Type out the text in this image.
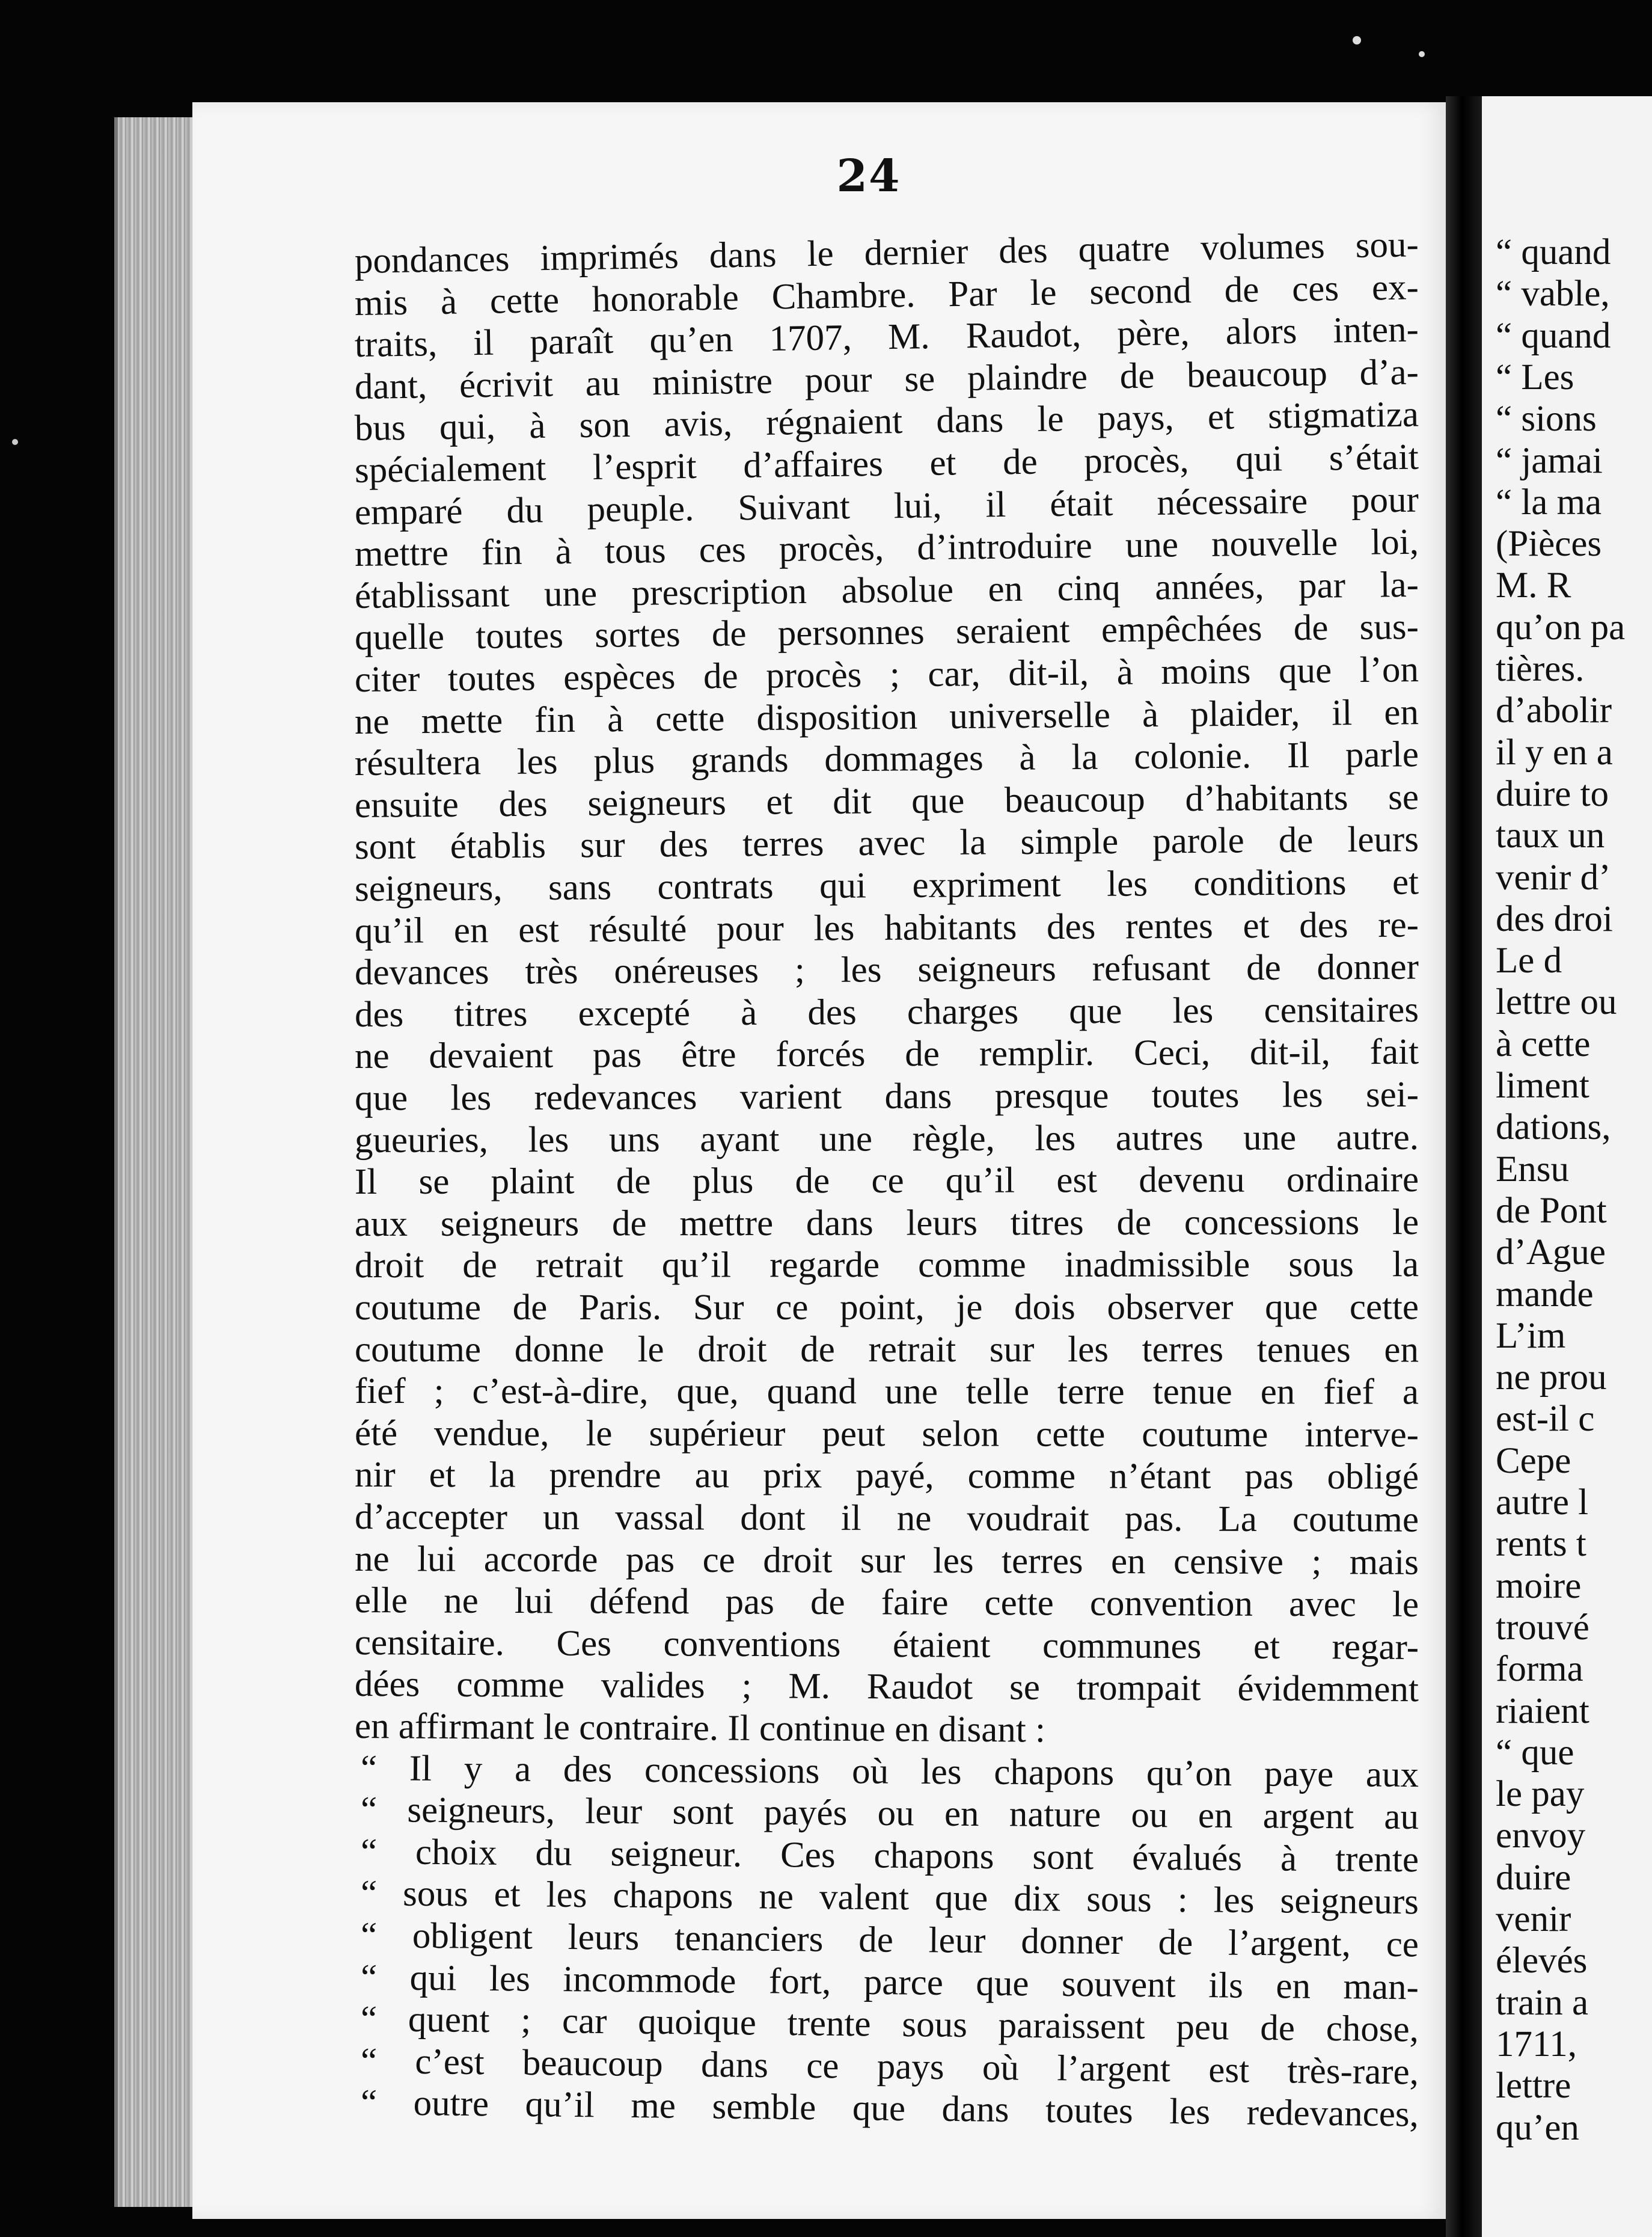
24
pondances imprimés dans le dernier des quatre volumes sou-
mis à cette honorable Chambre. Par le second de ces ex-
traits, il paraît qu’en 1707, M. Raudot, père, alors inten-
dant, écrivit au ministre pour se plaindre de beaucoup d’a-
bus qui, à son avis, régnaient dans le pays, et stigmatiza
spécialement l’esprit d’affaires et de procès, qui s’était
emparé du peuple. Suivant lui, il était nécessaire pour
mettre fin à tous ces procès, d’introduire une nouvelle loi,
établissant une prescription absolue en cinq années, par la-
quelle toutes sortes de personnes seraient empêchées de sus-
citer toutes espèces de procès ; car, dit-il, à moins que l’on
ne mette fin à cette disposition universelle à plaider, il en
résultera les plus grands dommages à la colonie. Il parle
ensuite des seigneurs et dit que beaucoup d’habitants se
sont établis sur des terres avec la simple parole de leurs
seigneurs, sans contrats qui expriment les conditions et
qu’il en est résulté pour les habitants des rentes et des re-
devances très onéreuses ; les seigneurs refusant de donner
des titres excepté à des charges que les censitaires
ne devaient pas être forcés de remplir. Ceci, dit-il, fait
que les redevances varient dans presque toutes les sei-
gueuries, les uns ayant une règle, les autres une autre.
Il se plaint de plus de ce qu’il est devenu ordinaire
aux seigneurs de mettre dans leurs titres de concessions le
droit de retrait qu’il regarde comme inadmissible sous la
coutume de Paris. Sur ce point, je dois observer que cette
coutume donne le droit de retrait sur les terres tenues en
fief ; c’est-à-dire, que, quand une telle terre tenue en fief a
été vendue, le supérieur peut selon cette coutume interve-
nir et la prendre au prix payé, comme n’étant pas obligé
d’accepter un vassal dont il ne voudrait pas. La coutume
ne lui accorde pas ce droit sur les terres en censive ; mais
elle ne lui défend pas de faire cette convention avec le
censitaire. Ces conventions étaient communes et regar-
dées comme valides ; M. Raudot se trompait évidemment
en affirmant le contraire. Il continue en disant :
“ Il y a des concessions où les chapons qu’on paye aux
“ seigneurs, leur sont payés ou en nature ou en argent au
“ choix du seigneur. Ces chapons sont évalués à trente
“ sous et les chapons ne valent que dix sous : les seigneurs
“ obligent leurs tenanciers de leur donner de l’argent, ce
“ qui les incommode fort, parce que souvent ils en man-
“ quent ; car quoique trente sous paraissent peu de chose,
“ c’est beaucoup dans ce pays où l’argent est très-rare,
“ outre qu’il me semble que dans toutes les redevances,
“ quand
“ vable,
“ quand
“ Les
“ sions
“ jamai
“ la ma
(Pièces
M. R
qu’on pa
tières.
d’abolir
il y en a
duire to
taux un
venir d’
des droi
Le d
lettre ou
à cette
liment
dations,
Ensu
de Pont
d’Ague
mande
L’im
ne prou
est-il c
Cepe
autre l
rents t
moire
trouvé
forma
riaient
“ que
le pay
envoy
duire
venir
élevés
train a
1711,
lettre
qu’en
